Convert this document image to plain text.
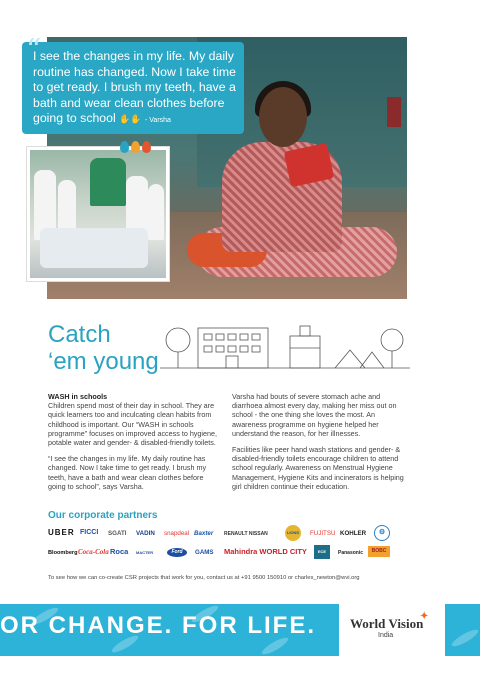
“
I see the changes in my life. My daily routine has changed. Now I take time to get ready. I brush my teeth, have a bath and wear clean clothes before going to school ✋✋ - Varsha
Catch
‘em young
WASH in schools

Children spend most of their day in school. They are quick learners too and inculcating clean habits from childhood is important. Our “WASH in schools programme” focuses on improved access to hygiene, potable water and gender- & disabled-friendly toilets.

“I see the changes in my life. My daily routine has changed. Now I take time to get ready. I brush my teeth, have a bath and wear clean clothes before going to school”, says Varsha.

Varsha had bouts of severe stomach ache and diarrhoea almost every day, making her miss out on school - the one thing she loves the most. An awareness programme on hygiene helped her understand the reason, for her illnesses.

Facilities like peer hand wash stations and gender- & disabled-friendly toilets encourage children to attend school regularly. Awareness on Menstrual Hygiene Management, Hygiene Kits and incinerators is helping girl children continue their education.

Our corporate partners
UBER FICCI SGATI VADIN snapdeal Baxter RENAULT NISSAN	LIONS	FUJITSU KOHLER	⚙
Bloomberg Coca-Cola Roca MACTER	Ford	GAMS Mahindra WORLD CITY	ECE	Panasonic	BOBC
To see how we can co-create CSR projects that work for you, contact us at +91 9500 150910 or charles_newton@wvi.org
OR CHANGE. FOR LIFE.	World Vision
India
✦
